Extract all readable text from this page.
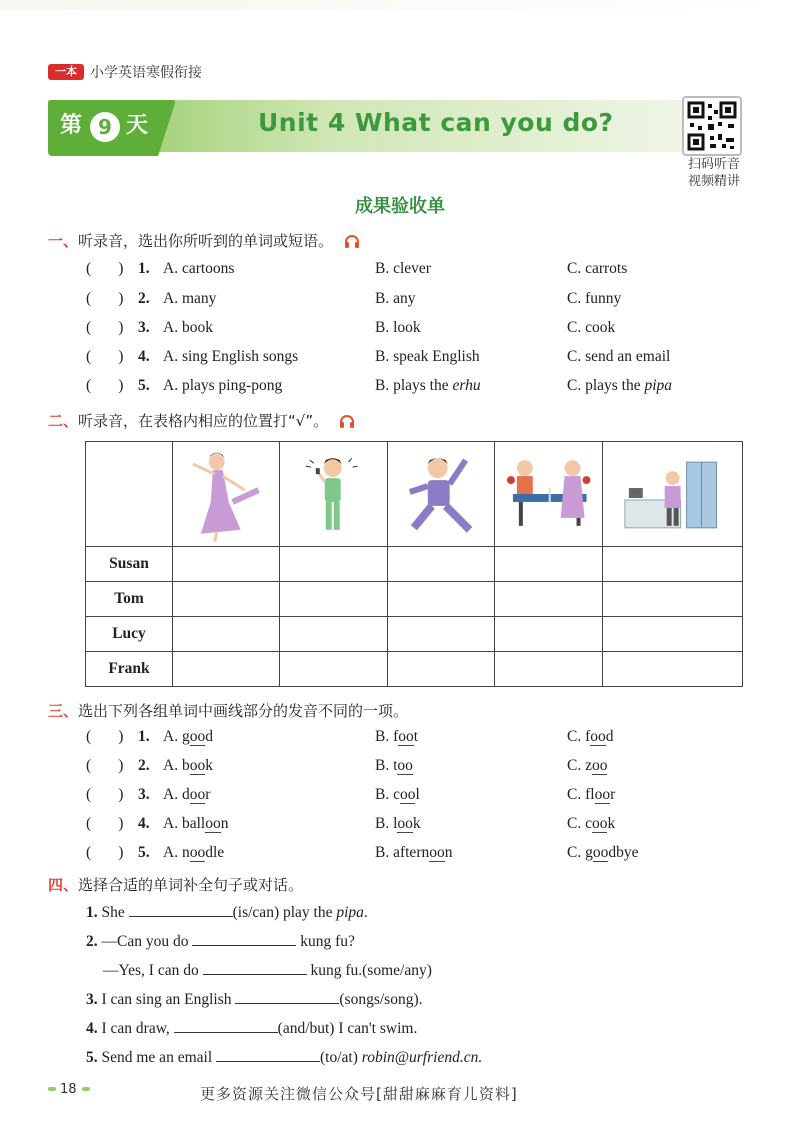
一本 小学英语寒假衔接
第 9 天	Unit 4 What can you do?
扫码听音
视频精讲
成果验收单
一、听录音，选出你所听到的单词或短语。
(       ) 1. A. cartoons	B. clever	C. carrots
(       ) 2. A. many	B. any	C. funny
(       ) 3. A. book	B. look	C. cook
(       ) 4. A. sing English songs	B. speak English	C. send an email
(       ) 5. A. plays ping-pong	B. plays the erhu	C. plays the pipa
二、听录音，在表格内相应的位置打“√”。

Susan					
Tom					
Lucy					
Frank					
三、选出下列各组单词中画线部分的发音不同的一项。
(       ) 1. A. good	B. foot	C. food
(       ) 2. A. book	B. too	C. zoo
(       ) 3. A. door	B. cool	C. floor
(       ) 4. A. balloon	B. look	C. cook
(       ) 5. A. noodle	B. afternoon	C. goodbye
四、选择合适的单词补全句子或对话。
1. She	(is/can) play the pipa.
2. —Can you do	kung fu?
—Yes, I can do	kung fu.(some/any)
3. I can sing an English	(songs/song).
4. I can draw,	(and/but) I can't swim.
5. Send me an email	(to/at) robin@urfriend.cn.
18	更多资源关注微信公众号[甜甜麻麻育儿资料]
